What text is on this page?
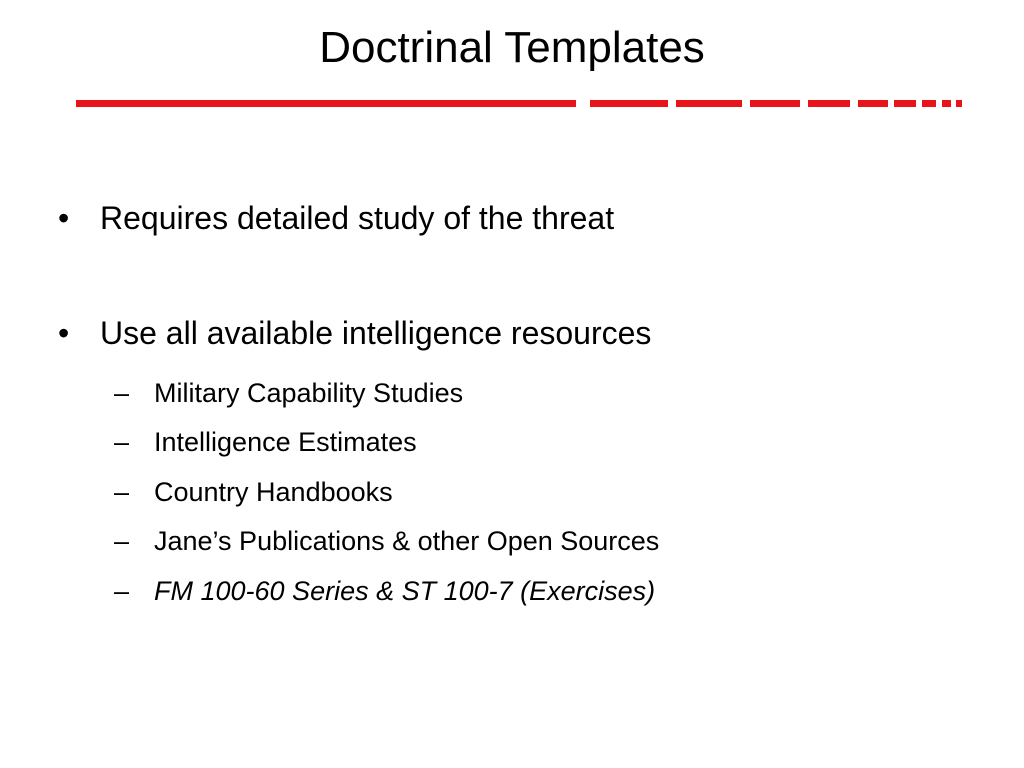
Doctrinal Templates
• Requires detailed study of the threat
• Use all available intelligence resources
– Military Capability Studies
– Intelligence Estimates
– Country Handbooks
– Jane’s Publications & other Open Sources
– FM 100-60 Series & ST 100-7 (Exercises)
